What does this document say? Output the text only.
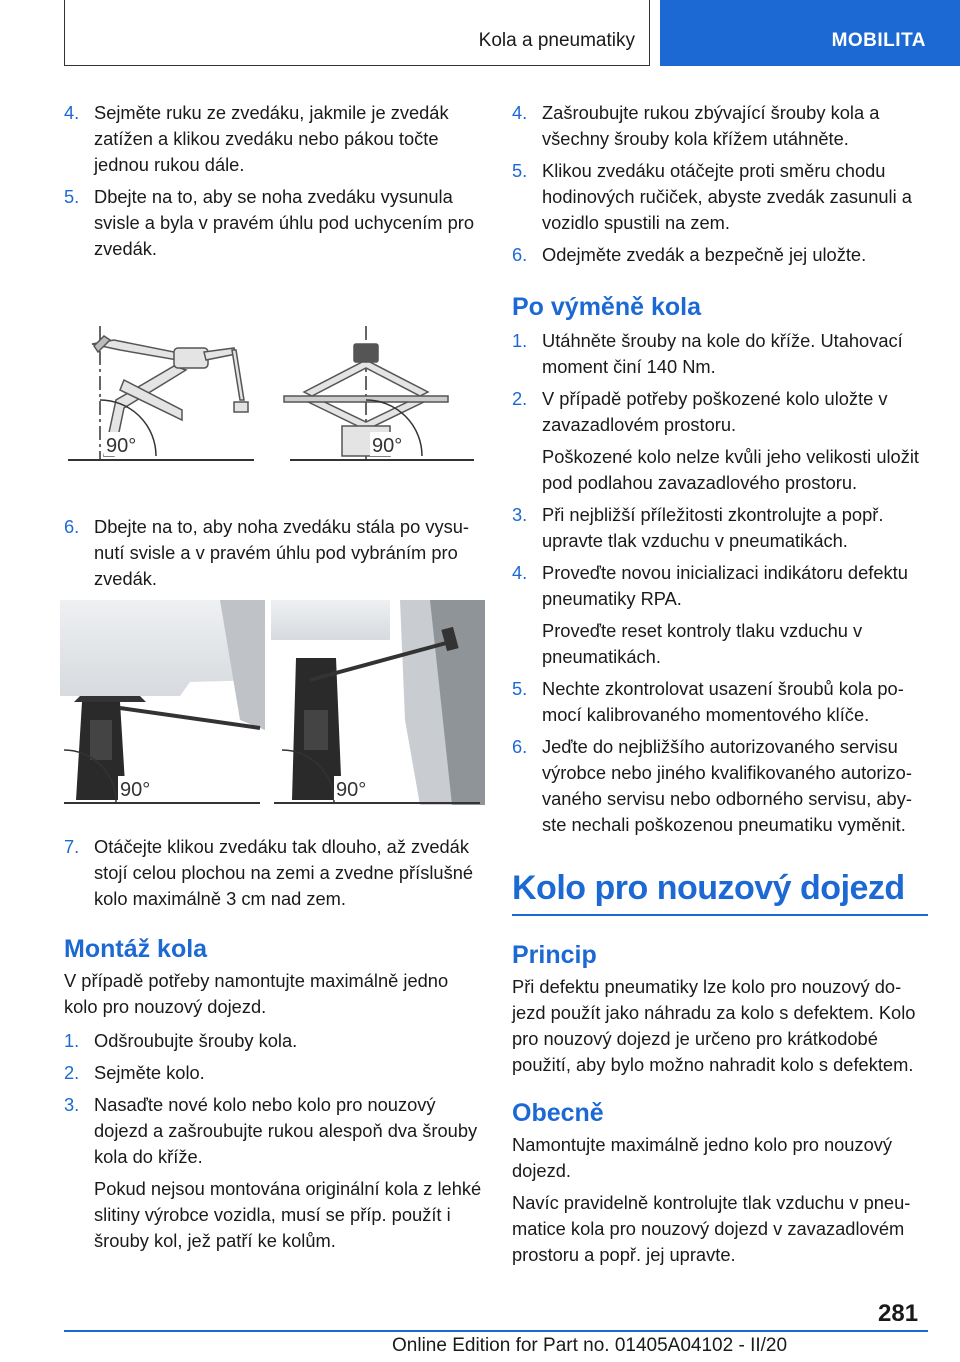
Kola a pneumatiky	MOBILITA
4. Sejměte ruku ze zvedáku, jakmile je zvedák zatížen a klikou zvedáku nebo pákou točte jednou rukou dále.
5. Dbejte na to, aby se noha zvedáku vysunula svisle a byla v pravém úhlu pod uchycením pro zvedák.
90°	90°
6. Dbejte na to, aby noha zvedáku stála po vysunutí svisle a v pravém úhlu pod vybráním pro zvedák.
90°	90°
7. Otáčejte klikou zvedáku tak dlouho, až zvedák stojí celou plochou na zemi a zvedne příslušné kolo maximálně 3 cm nad zem.
Montáž kola
V případě potřeby namontujte maximálně jedno kolo pro nouzový dojezd.
1. Odšroubujte šrouby kola.
2. Sejměte kolo.
3. Nasaďte nové kolo nebo kolo pro nouzový dojezd a zašroubujte rukou alespoň dva šrouby kola do kříže.
Pokud nejsou montována originální kola z lehké slitiny výrobce vozidla, musí se příp. použít i šrouby kol, jež patří ke kolům.
4. Zašroubujte rukou zbývající šrouby kola a všechny šrouby kola křížem utáhněte.
5. Klikou zvedáku otáčejte proti směru chodu hodinových ručiček, abyste zvedák zasunuli a vozidlo spustili na zem.
6. Odejměte zvedák a bezpečně jej uložte.
Po výměně kola
1. Utáhněte šrouby na kole do kříže. Utahovací moment činí 140 Nm.
2. V případě potřeby poškozené kolo uložte v zavazadlovém prostoru.
Poškozené kolo nelze kvůli jeho velikosti uložit pod podlahou zavazadlového prostoru.
3. Při nejbližší příležitosti zkontrolujte a popř. upravte tlak vzduchu v pneumatikách.
4. Proveďte novou inicializaci indikátoru defektu pneumatiky RPA.
Proveďte reset kontroly tlaku vzduchu v pneumatikách.
5. Nechte zkontrolovat usazení šroubů kola pomocí kalibrovaného momentového klíče.
6. Jeďte do nejbližšího autorizovaného servisu výrobce nebo jiného kvalifikovaného autorizovaného servisu nebo odborného servisu, abyste nechali poškozenou pneumatiku vyměnit.
Kolo pro nouzový dojezd
Princip
Při defektu pneumatiky lze kolo pro nouzový dojezd použít jako náhradu za kolo s defektem. Kolo pro nouzový dojezd je určeno pro krátkodobé použití, aby bylo možno nahradit kolo s defektem.
Obecně
Namontujte maximálně jedno kolo pro nouzový dojezd.
Navíc pravidelně kontrolujte tlak vzduchu v pneumatice kola pro nouzový dojezd v zavazadlovém prostoru a popř. jej upravte.
281
Online Edition for Part no. 01405A04102 - II/20
